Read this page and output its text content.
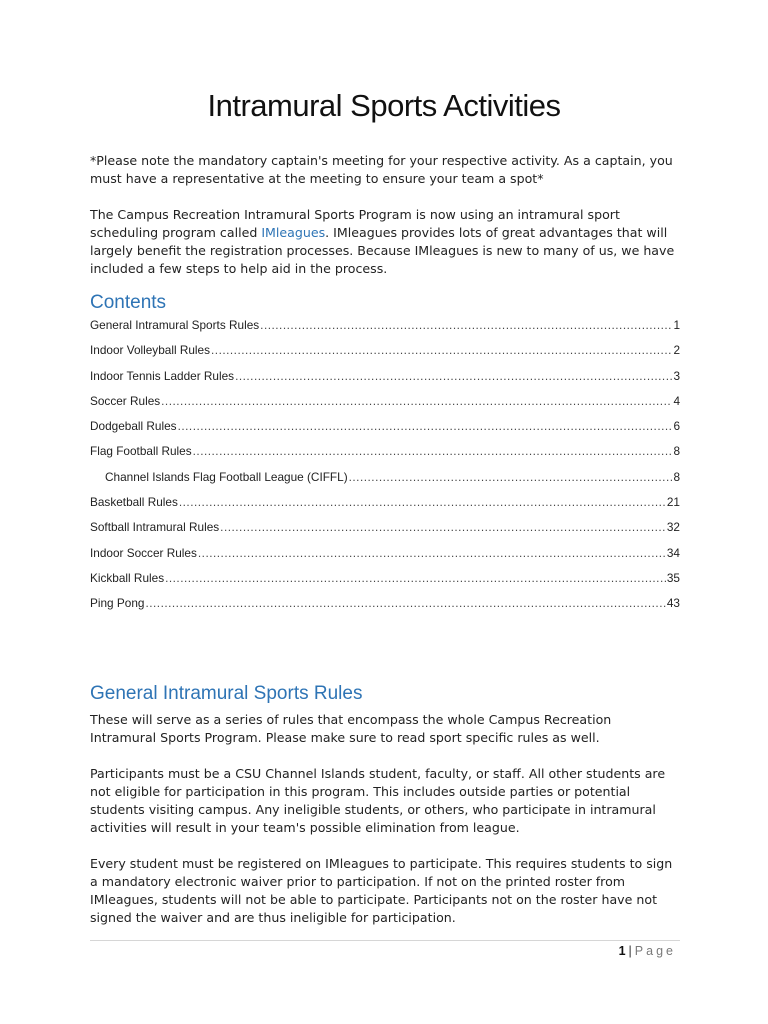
Intramural Sports Activities

*Please note the mandatory captain's meeting for your respective activity. As a captain, you must have a representative at the meeting to ensure your team a spot*

The Campus Recreation Intramural Sports Program is now using an intramural sport scheduling program called IMleagues. IMleagues provides lots of great advantages that will largely benefit the registration processes. Because IMleagues is new to many of us, we have included a few steps to help aid in the process.

Contents
General Intramural Sports Rules .....	1
Indoor Volleyball Rules .....	2
Indoor Tennis Ladder Rules .....	3
Soccer Rules .....	4
Dodgeball Rules .....	6
Flag Football Rules .....	8
Channel Islands Flag Football League (CIFFL) .....	8
Basketball Rules .....	21
Softball Intramural Rules .....	32
Indoor Soccer Rules .....	34
Kickball Rules .....	35
Ping Pong .....	43
General Intramural Sports Rules

These will serve as a series of rules that encompass the whole Campus Recreation Intramural Sports Program. Please make sure to read sport specific rules as well.

Participants must be a CSU Channel Islands student, faculty, or staff. All other students are not eligible for participation in this program. This includes outside parties or potential students visiting campus. Any ineligible students, or others, who participate in intramural activities will result in your team's possible elimination from league.

Every student must be registered on IMleagues to participate. This requires students to sign a mandatory electronic waiver prior to participation. If not on the printed roster from IMleagues, students will not be able to participate. Participants not on the roster have not signed the waiver and are thus ineligible for participation.

1 | Page
